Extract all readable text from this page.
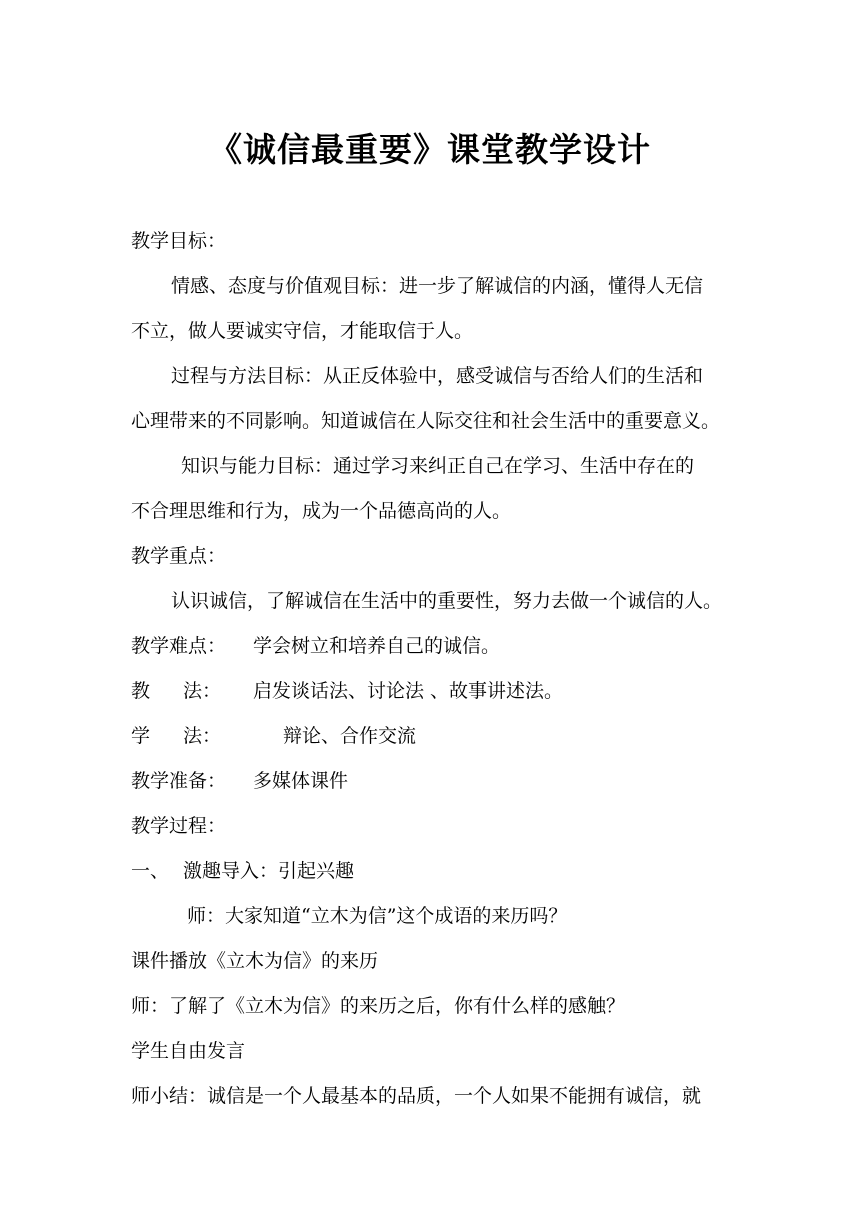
《诚信最重要》课堂教学设计
教学目标：
情感、态度与价值观目标：进一步了解诚信的内涵，懂得人无信
不立，做人要诚实守信，才能取信于人。
过程与方法目标：从正反体验中，感受诚信与否给人们的生活和
心理带来的不同影响。知道诚信在人际交往和社会生活中的重要意义。
知识与能力目标：通过学习来纠正自己在学习、生活中存在的
不合理思维和行为，成为一个品德高尚的人。
教学重点：
认识诚信，了解诚信在生活中的重要性，努力去做一个诚信的人。
教学难点： 学会树立和培养自己的诚信。
教 法： 启发谈话法、讨论法 、故事讲述法。
学 法：	辩论、合作交流
教学准备： 多媒体课件
教学过程：
一、 激趣导入：引起兴趣
师：大家知道“立木为信”这个成语的来历吗？
课件播放《立木为信》的来历
师：了解了《立木为信》的来历之后，你有什么样的感触？
学生自由发言
师小结：诚信是一个人最基本的品质，一个人如果不能拥有诚信，就
